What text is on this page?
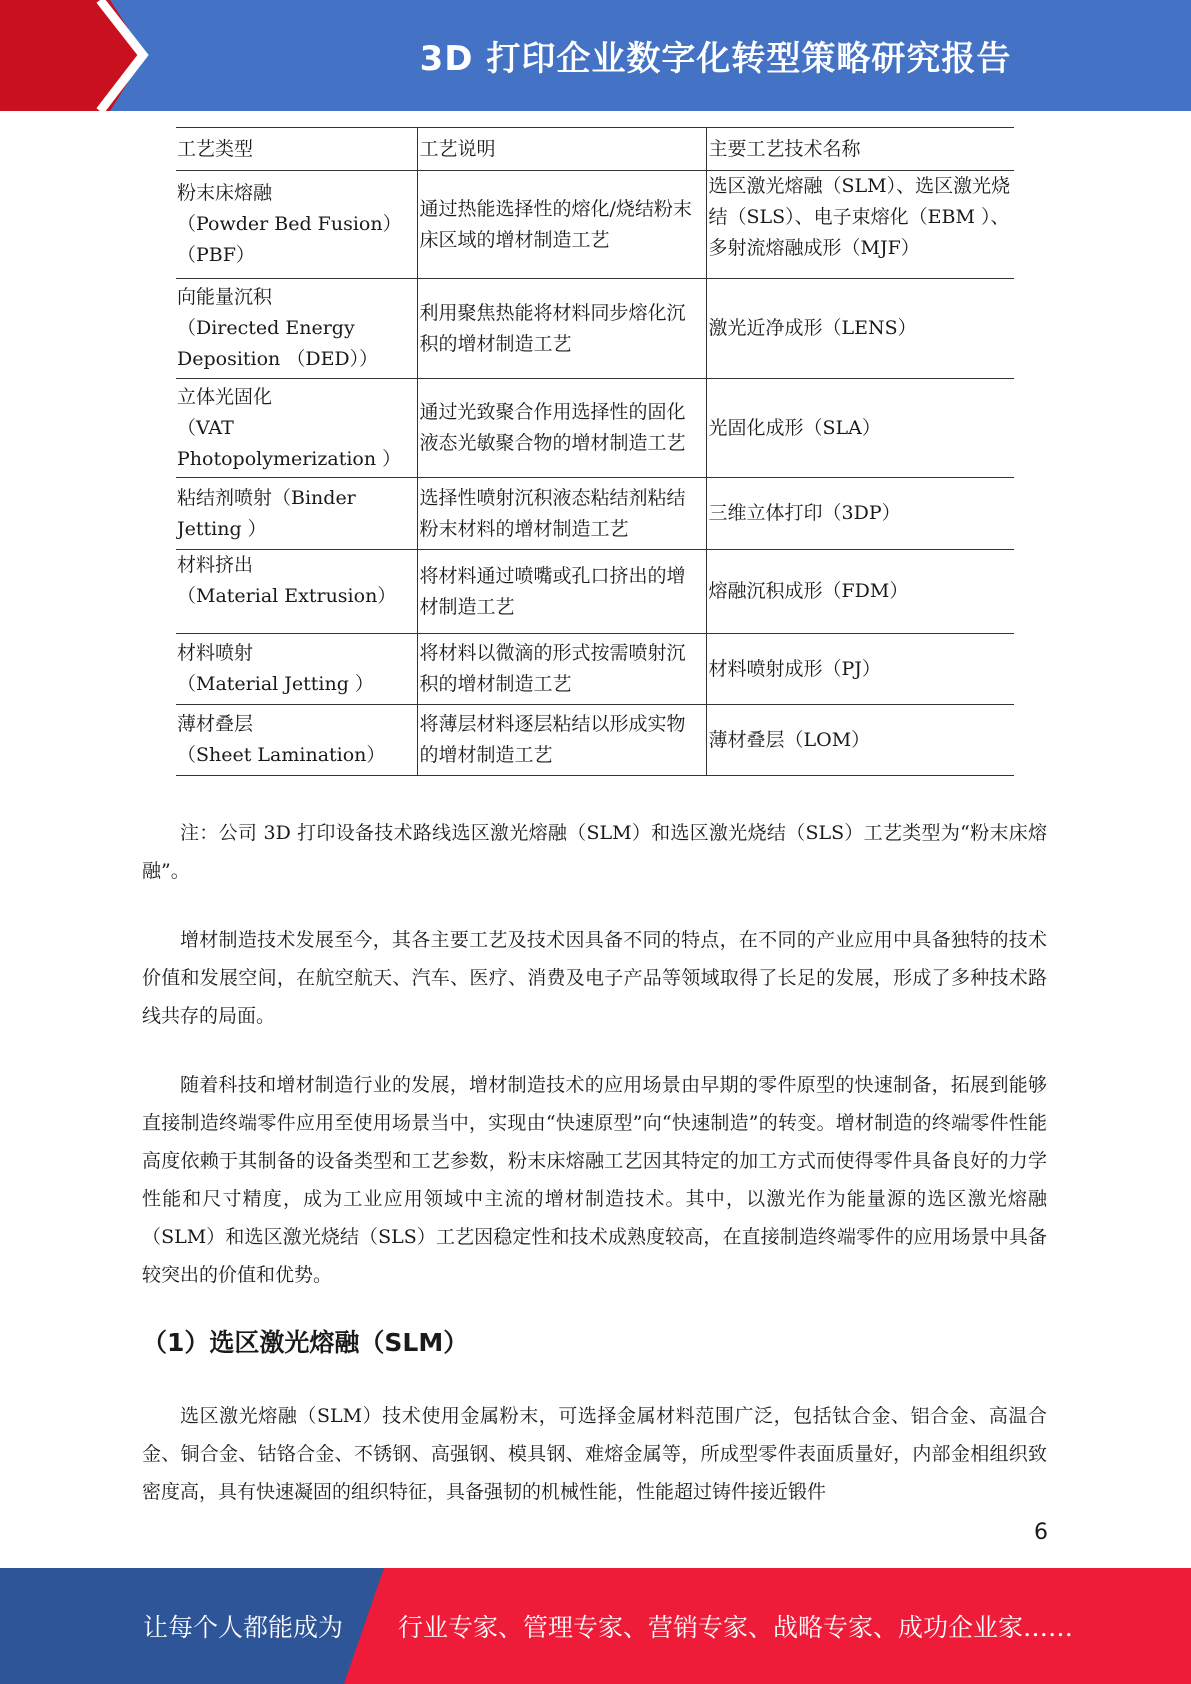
3D 打印企业数字化转型策略研究报告
工艺类型	工艺说明	主要工艺技术名称

粉末床熔融
（Powder Bed Fusion）
（PBF）	通过热能选择性的熔化/烧结粉末床区域的增材制造工艺	选区激光熔融（SLM）、选区激光烧结（SLS）、电子束熔化（EBM ）、多射流熔融成形（MJF）

向能量沉积
（Directed Energy
Deposition （DED））	利用聚焦热能将材料同步熔化沉积的增材制造工艺	激光近净成形（LENS）

立体光固化
（VAT
Photopolymerization ）	通过光致聚合作用选择性的固化液态光敏聚合物的增材制造工艺	光固化成形（SLA）

粘结剂喷射（Binder
Jetting ）	选择性喷射沉积液态粘结剂粘结粉末材料的增材制造工艺	三维立体打印（3DP）

材料挤出
（Material Extrusion）	将材料通过喷嘴或孔口挤出的增材制造工艺	熔融沉积成形（FDM）

材料喷射
（Material Jetting ）	将材料以微滴的形式按需喷射沉积的增材制造工艺	材料喷射成形（PJ）

薄材叠层
（Sheet Lamination）	将薄层材料逐层粘结以形成实物的增材制造工艺	薄材叠层（LOM）

注：公司 3D 打印设备技术路线选区激光熔融（SLM）和选区激光烧结（SLS）工艺类型为“粉末床熔融”。

增材制造技术发展至今，其各主要工艺及技术因具备不同的特点，在不同的产业应用中具备独特的技术价值和发展空间，在航空航天、汽车、医疗、消费及电子产品等领域取得了长足的发展，形成了多种技术路线共存的局面。

随着科技和增材制造行业的发展，增材制造技术的应用场景由早期的零件原型的快速制备，拓展到能够直接制造终端零件应用至使用场景当中，实现由“快速原型”向“快速制造”的转变。增材制造的终端零件性能高度依赖于其制备的设备类型和工艺参数，粉末床熔融工艺因其特定的加工方式而使得零件具备良好的力学性能和尺寸精度，成为工业应用领域中主流的增材制造技术。其中，以激光作为能量源的选区激光熔融（SLM）和选区激光烧结（SLS）工艺因稳定性和技术成熟度较高，在直接制造终端零件的应用场景中具备较突出的价值和优势。

（1）选区激光熔融（SLM）

选区激光熔融（SLM）技术使用金属粉末，可选择金属材料范围广泛，包括钛合金、铝合金、高温合金、铜合金、钴铬合金、不锈钢、高强钢、模具钢、难熔金属等，所成型零件表面质量好，内部金相组织致密度高，具有快速凝固的组织特征，具备强韧的机械性能，性能超过铸件接近锻件

6
让每个人都能成为 行业专家、管理专家、营销专家、战略专家、成功企业家……
